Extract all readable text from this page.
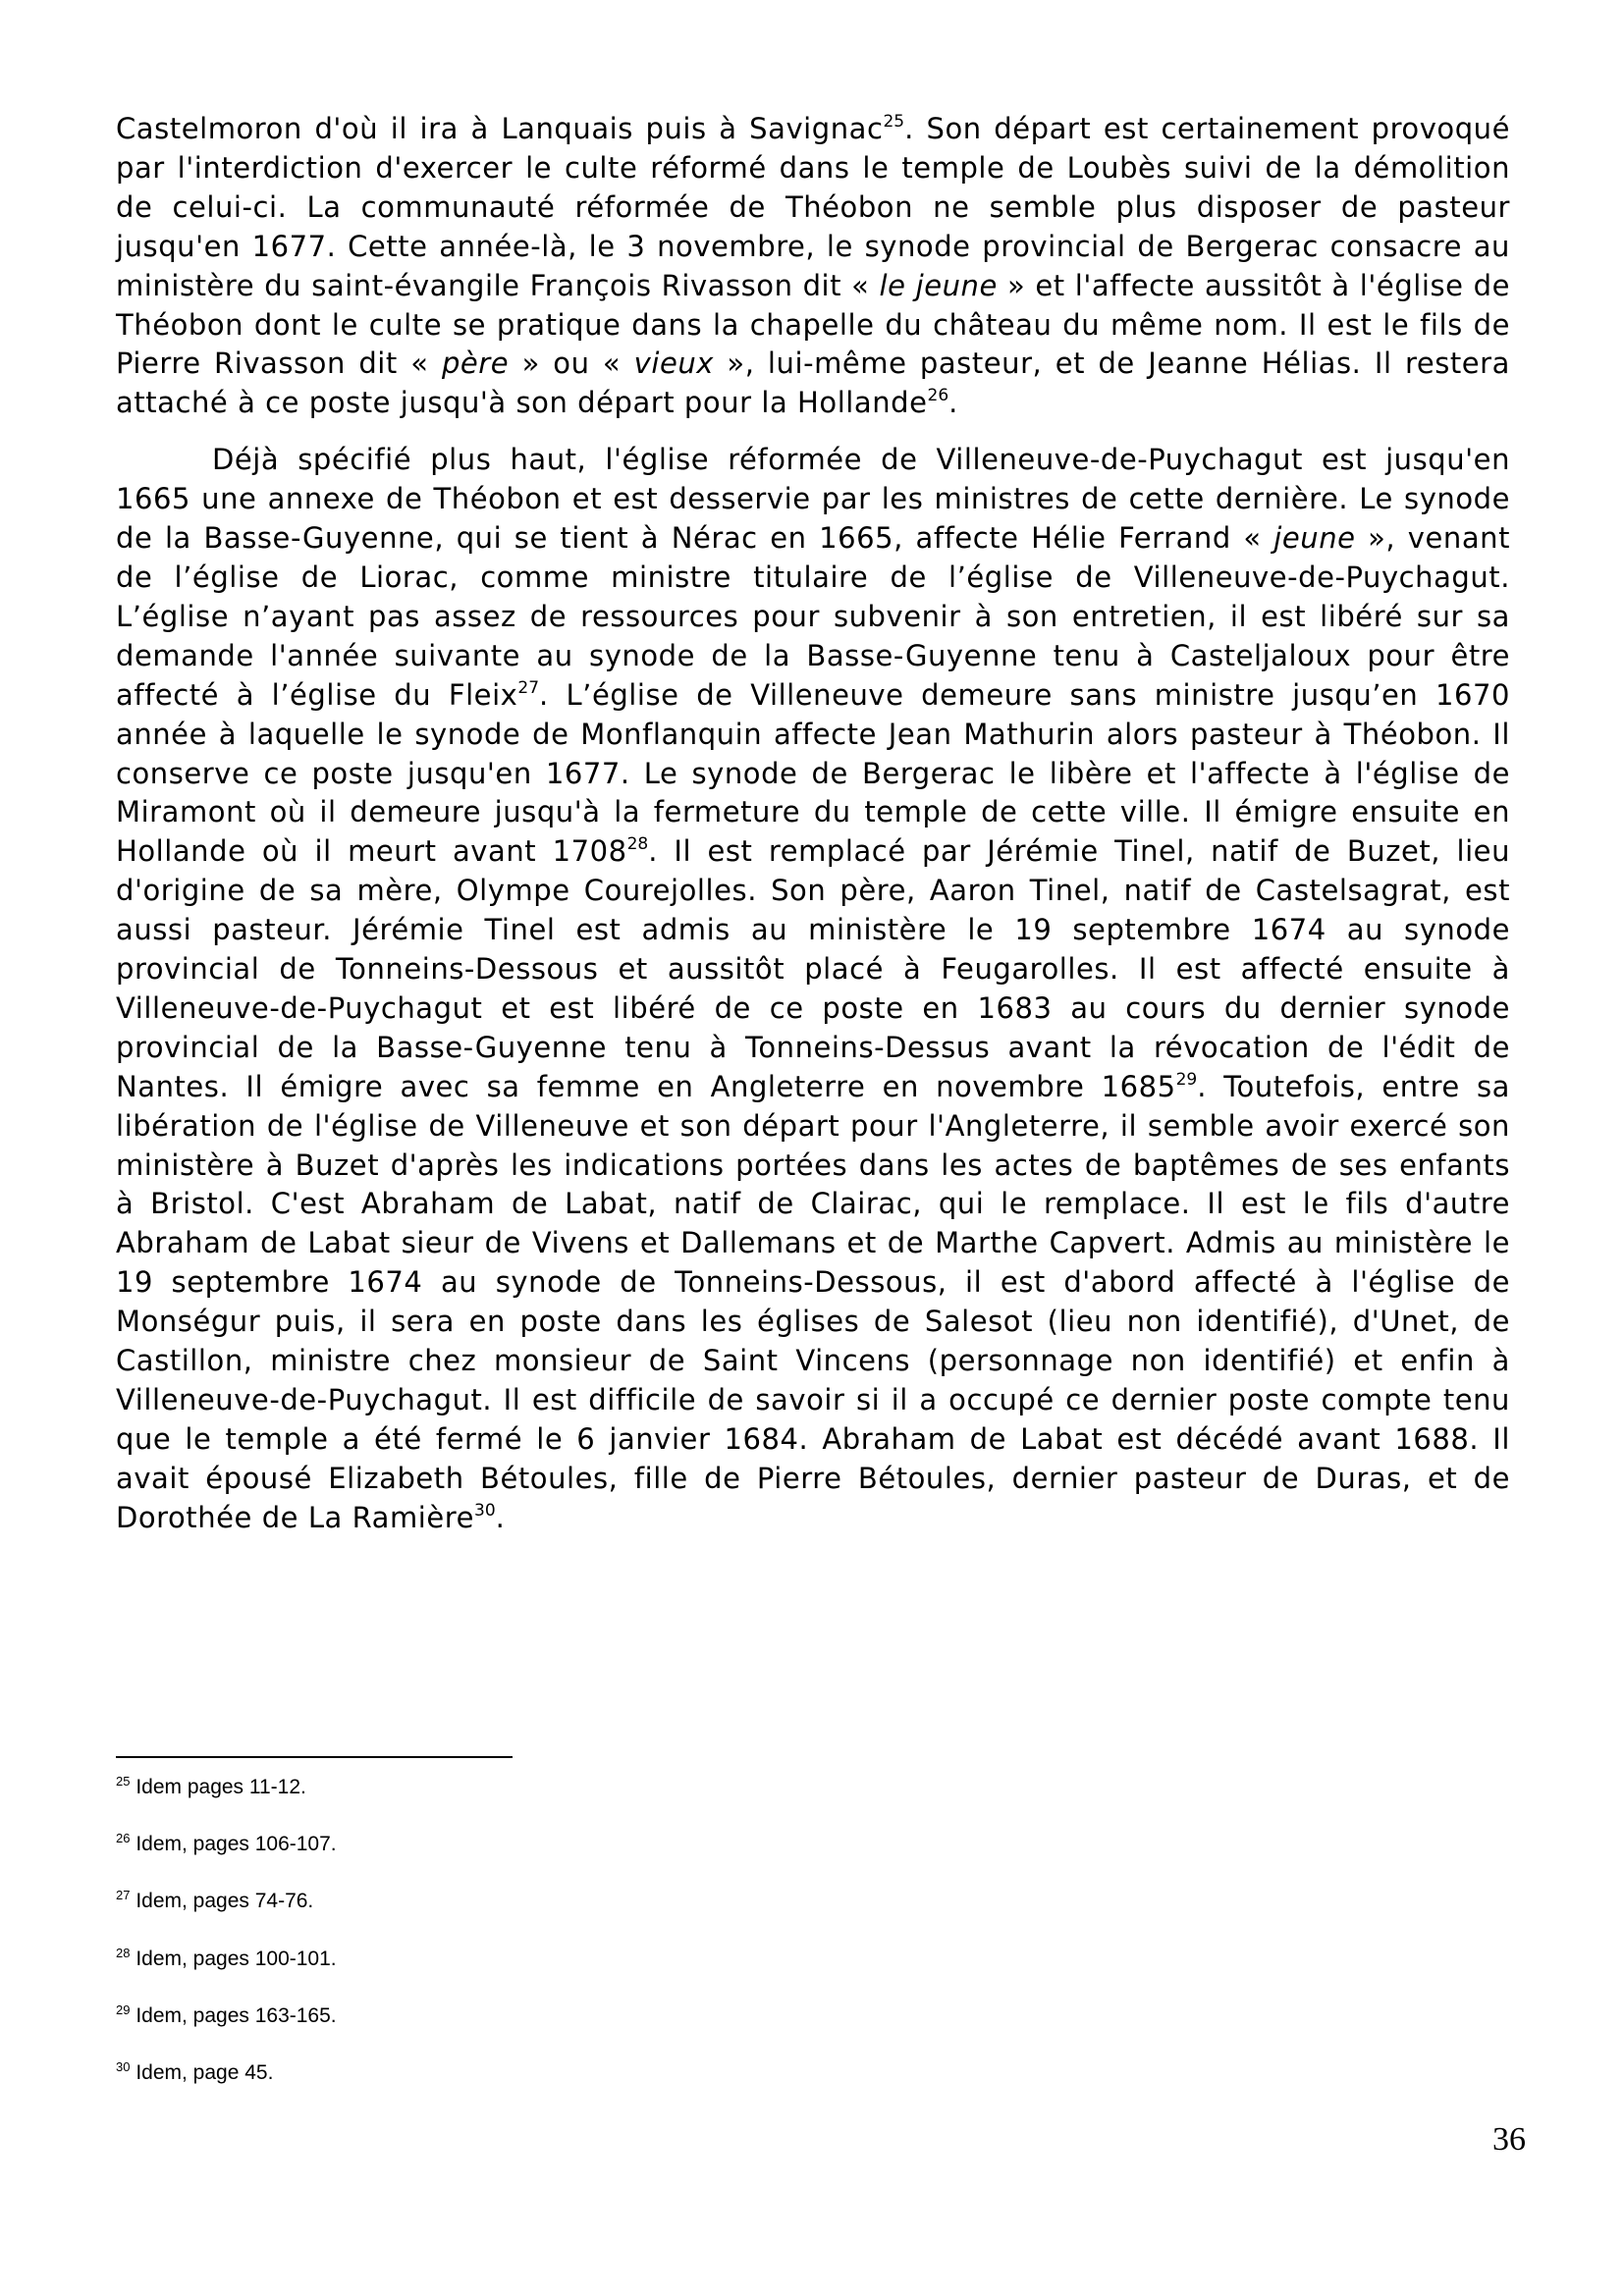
Castelmoron d'où il ira à Lanquais puis à Savignac$^{25}$. Son départ est certainement provoqué par l'interdiction d'exercer le culte réformé dans le temple de Loubès suivi de la démolition de celui-ci. La communauté réformée de Théobon ne semble plus disposer de pasteur jusqu'en 1677. Cette année-là, le 3 novembre, le synode provincial de Bergerac consacre au ministère du saint-évangile François Rivasson dit « le jeune » et l'affecte aussitôt à l'église de Théobon dont le culte se pratique dans la chapelle du château du même nom. Il est le fils de Pierre Rivasson dit « père » ou « vieux », lui-même pasteur, et de Jeanne Hélias. Il restera attaché à ce poste jusqu'à son départ pour la Hollande$^{26}$.

Déjà spécifié plus haut, l'église réformée de Villeneuve-de-Puychagut est jusqu'en 1665 une annexe de Théobon et est desservie par les ministres de cette dernière. Le synode de la Basse-Guyenne, qui se tient à Nérac en 1665, affecte Hélie Ferrand « jeune », venant de l’église de Liorac, comme ministre titulaire de l’église de Villeneuve-de-Puychagut. L’église n’ayant pas assez de ressources pour subvenir à son entretien, il est libéré sur sa demande l'année suivante au synode de la Basse-Guyenne tenu à Casteljaloux pour être affecté à l’église du Fleix$^{27}$. L’église de Villeneuve demeure sans ministre jusqu’en 1670 année à laquelle le synode de Monflanquin affecte Jean Mathurin alors pasteur à Théobon. Il conserve ce poste jusqu'en 1677. Le synode de Bergerac le libère et l'affecte à l'église de Miramont où il demeure jusqu'à la fermeture du temple de cette ville. Il émigre ensuite en Hollande où il meurt avant 1708$^{28}$. Il est remplacé par Jérémie Tinel, natif de Buzet, lieu d'origine de sa mère, Olympe Courejolles. Son père, Aaron Tinel, natif de Castelsagrat, est aussi pasteur. Jérémie Tinel est admis au ministère le 19 septembre 1674 au synode provincial de Tonneins-Dessous et aussitôt placé à Feugarolles. Il est affecté ensuite à Villeneuve-de-Puychagut et est libéré de ce poste en 1683 au cours du dernier synode provincial de la Basse-Guyenne tenu à Tonneins-Dessus avant la révocation de l'édit de Nantes. Il émigre avec sa femme en Angleterre en novembre 1685$^{29}$. Toutefois, entre sa libération de l'église de Villeneuve et son départ pour l'Angleterre, il semble avoir exercé son ministère à Buzet d'après les indications portées dans les actes de baptêmes de ses enfants à Bristol. C'est Abraham de Labat, natif de Clairac, qui le remplace. Il est le fils d'autre Abraham de Labat sieur de Vivens et Dallemans et de Marthe Capvert. Admis au ministère le 19 septembre 1674 au synode de Tonneins-Dessous, il est d'abord affecté à l'église de Monségur puis, il sera en poste dans les églises de Salesot (lieu non identifié), d'Unet, de Castillon, ministre chez monsieur de Saint Vincens (personnage non identifié) et enfin à Villeneuve-de-Puychagut. Il est difficile de savoir si il a occupé ce dernier poste compte tenu que le temple a été fermé le 6 janvier 1684. Abraham de Labat est décédé avant 1688. Il avait épousé Elizabeth Bétoules, fille de Pierre Bétoules, dernier pasteur de Duras, et de Dorothée de La Ramière$^{30}$.

$^{25}$ Idem pages 11-12.
$^{26}$ Idem, pages 106-107.
$^{27}$ Idem, pages 74-76.
$^{28}$ Idem, pages 100-101.
$^{29}$ Idem, pages 163-165.
$^{30}$ Idem, page 45.
36
